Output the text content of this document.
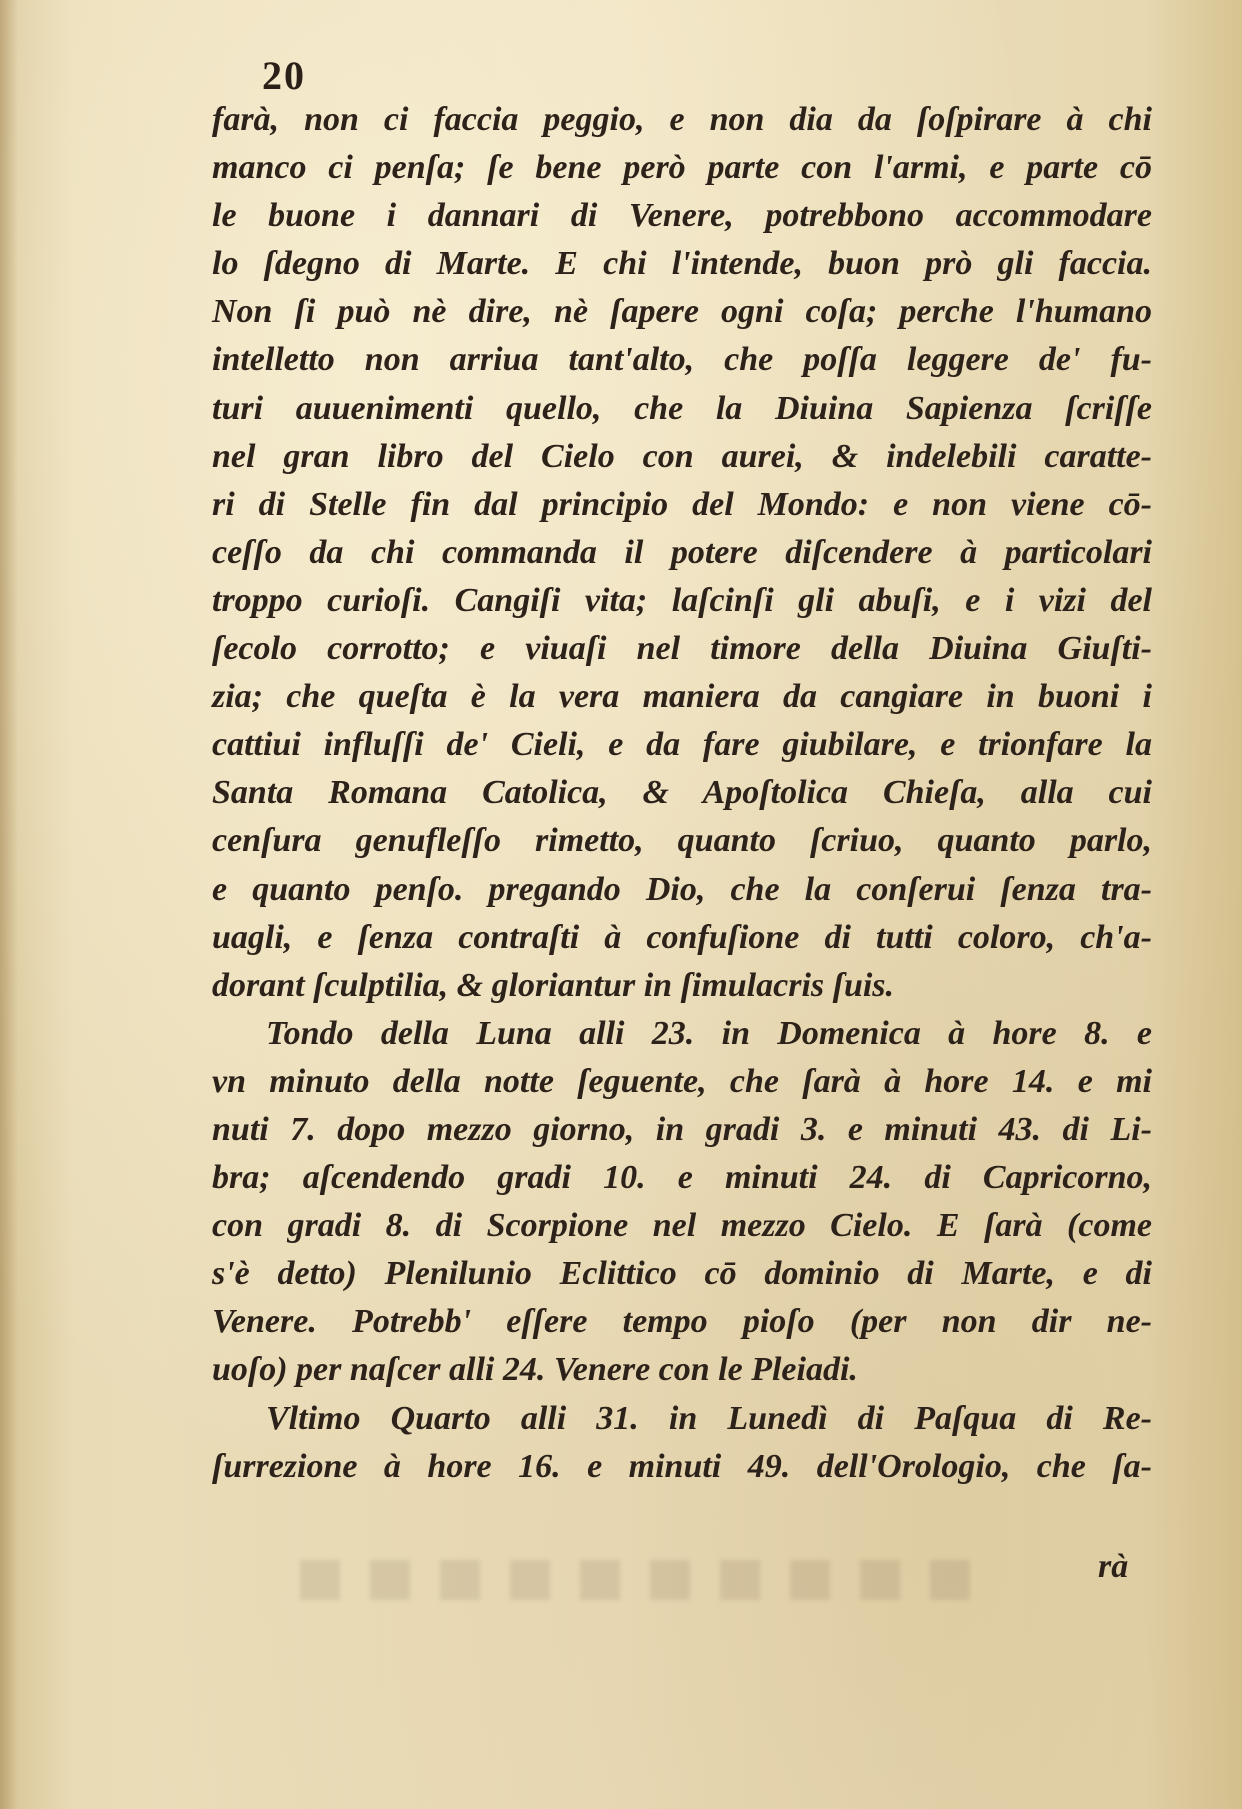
20
farà, non ci faccia peggio, e non dia da ſoſpirare à chi
manco ci penſa; ſe bene però parte con l'armi, e parte cō
le buone i dannari di Venere, potrebbono accommodare
lo ſdegno di Marte. E chi l'intende, buon prò gli faccia.
Non ſi può nè dire, nè ſapere ogni coſa; perche l'humano
intelletto non arriua tant'alto, che poſſa leggere de' fu-
turi auuenimenti quello, che la Diuina Sapienza ſcriſſe
nel gran libro del Cielo con aurei, & indelebili caratte-
ri di Stelle fin dal principio del Mondo: e non viene cō-
ceſſo da chi commanda il potere diſcendere à particolari
troppo curioſi. Cangiſi vita; laſcinſi gli abuſi, e i vizi del
ſecolo corrotto; e viuaſi nel timore della Diuina Giuſti-
zia; che queſta è la vera maniera da cangiare in buoni i
cattiui influſſi de' Cieli, e da fare giubilare, e trionfare la
Santa Romana Catolica, & Apoſtolica Chieſa, alla cui
cenſura genufleſſo rimetto, quanto ſcriuo, quanto parlo,
e quanto penſo. pregando Dio, che la conſerui ſenza tra-
uagli, e ſenza contraſti à confuſione di tutti coloro, ch'a-
dorant ſculptilia, & gloriantur in ſimulacris ſuis.
Tondo della Luna alli 23. in Domenica à hore 8. e
vn minuto della notte ſeguente, che ſarà à hore 14. e mi
nuti 7. dopo mezzo giorno, in gradi 3. e minuti 43. di Li-
bra; aſcendendo gradi 10. e minuti 24. di Capricorno,
con gradi 8. di Scorpione nel mezzo Cielo. E ſarà (come
s'è detto) Plenilunio Eclittico cō dominio di Marte, e di
Venere. Potrebb' eſſere tempo pioſo (per non dir ne-
uoſo) per naſcer alli 24. Venere con le Pleiadi.
Vltimo Quarto alli 31. in Lunedì di Paſqua di Re-
ſurrezione à hore 16. e minuti 49. dell'Orologio, che ſa-
rà
